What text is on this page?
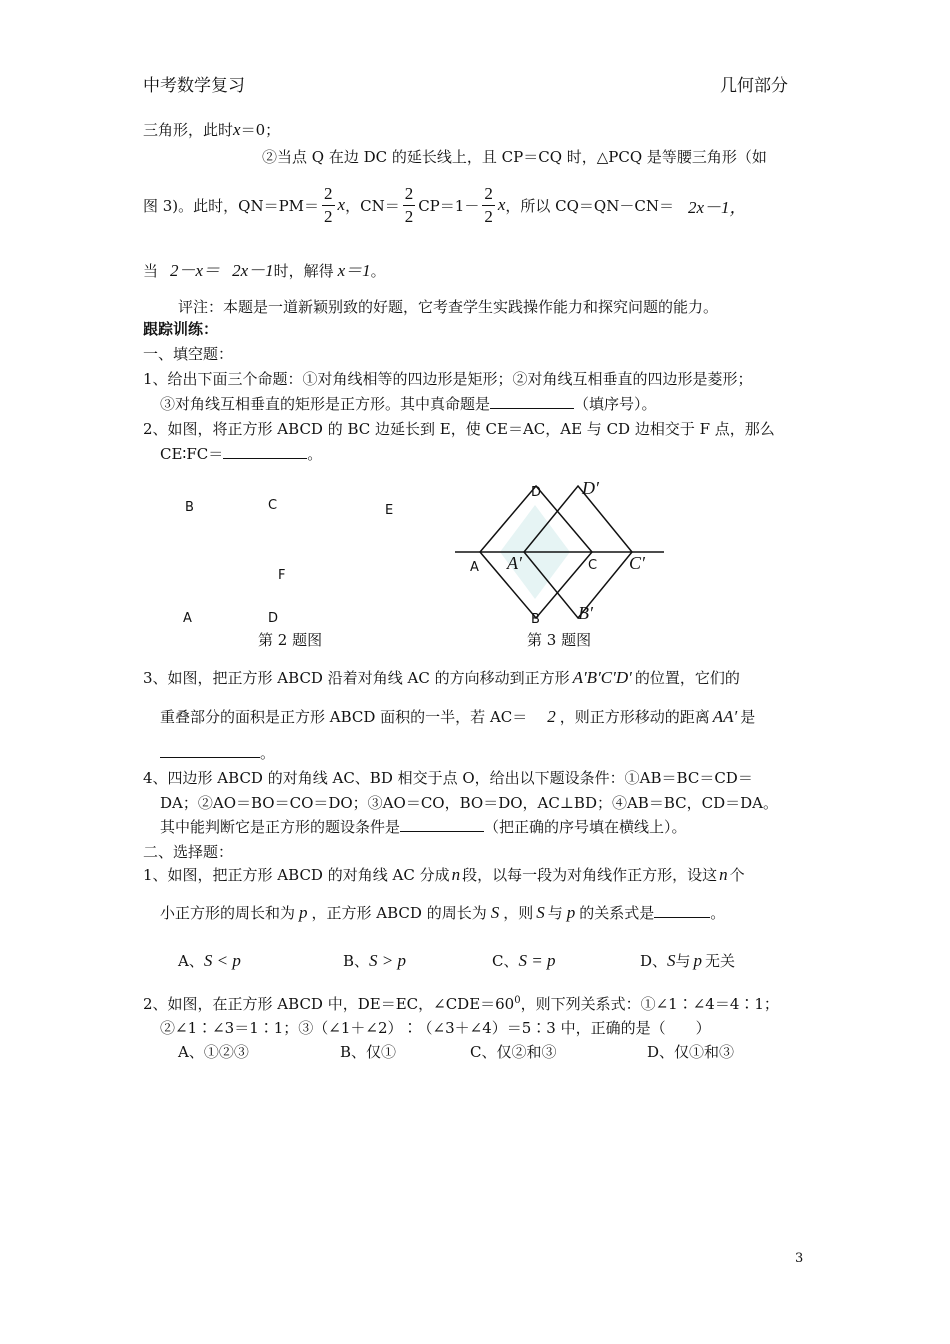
中考数学复习	几何部分
三角形，此时x＝0；
②当点 Q 在边 DC 的延长线上，且 CP＝CQ 时，△PCQ 是等腰三角形（如
图 3)。此时，$QN=PM= \frac{2}{2}$ x ，$CN= \frac{2}{2} CP=1- \frac{2}{2}$ x ，所以 CQ＝QN－CN＝ 2x－1，
当 2－x＝ 2x－1 时，解得 x＝1 。
评注：本题是一道新颖别致的好题，它考查学生实践操作能力和探究问题的能力。
跟踪训练：
一、填空题：
1、给出下面三个命题：①对角线相等的四边形是矩形；②对角线互相垂直的四边形是菱形；
③对角线互相垂直的矩形是正方形。其中真命题是	（填序号）。
2、如图，将正方形 ABCD 的 BC 边延长到 E，使 CE＝AC，AE 与 CD 边相交于 F 点，那么
CE∶FC＝	。
B	C	E
F
A	D
第 2 题图
D D′
A A′	C C′
B B′
第 3 题图
3、如图，把正方形 ABCD 沿着对角线 AC 的方向移动到正方形 A′B′C′D′ 的位置，它们的
重叠部分的面积是正方形 ABCD 面积的一半，若 AC＝ 2 ，则正方形移动的距离 AA′ 是
。
4、四边形 ABCD 的对角线 AC、BD 相交于点 O，给出以下题设条件：①AB＝BC＝CD＝
DA；②AO＝BO＝CO＝DO；③AO＝CO，BO＝DO，AC⊥BD；④AB＝BC，CD＝DA。
其中能判断它是正方形的题设条件是	（把正确的序号填在横线上）。
二、选择题：
1、如图，把正方形 ABCD 的对角线 AC 分成 n 段，以每一段为对角线作正方形，设这 n 个
小正方形的周长和为 p ，正方形 ABCD 的周长为 S ，则 S 与 p 的关系式是	。
A、 S < p	B、 S > p	C、 S = p	D、 S 与 p 无关
2、如图，在正方形 ABCD 中，DE＝EC，$\angle CDE=60^0$，则下列关系式：①∠1∶∠4＝4∶1；
②∠1∶∠3＝1∶1；③（∠1＋∠2）∶（∠3＋∠4）＝5∶3 中，正确的是（　　）
A、①②③	B、仅①	C、仅②和③	D、仅①和③
3
